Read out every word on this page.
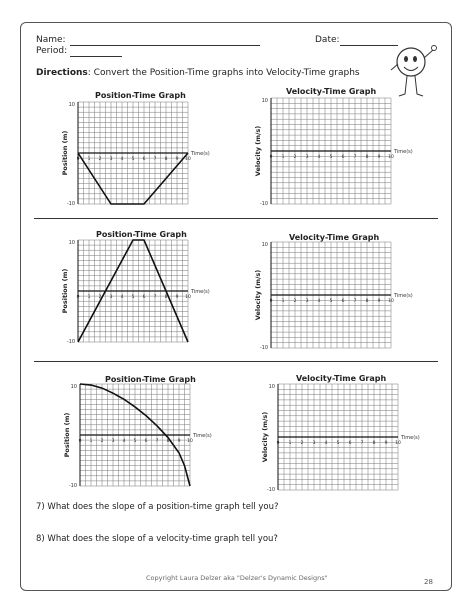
Name:
Period:
Date:
Directions: Convert the Position-Time graphs into Velocity-Time graphs
Position-Time Graph
10
-10
0 1 2 3 4 5 6 7 8 9 10
Time(s)
Position (m)
Velocity-Time Graph
10
-10
0 1 2 3 4 5 6 7 8 9 10
Time(s)
Velocity (m/s)
Position-Time Graph
10
-10
0 1 2 3 4 5 6 7 8 9 10
Time(s)
Position (m)
Velocity-Time Graph
10
-10
0 1 2 3 4 5 6 7 8 9 10
Time(s)
Velocity (m/s)
Position-Time Graph
10
-10
0 1 2 3 4 5 6 7 8 9 10
Time(s)
Position (m)
Velocity-Time Graph
10
-10
0 1 2 3 4 5 6 7 8 9 10
Time(s)
Velocity (m/s)
7) What does the slope of a position-time graph tell you?
8) What does the slope of a velocity-time graph tell you?
Copyright Laura Delzer aka "Delzer's Dynamic Designs"	28
